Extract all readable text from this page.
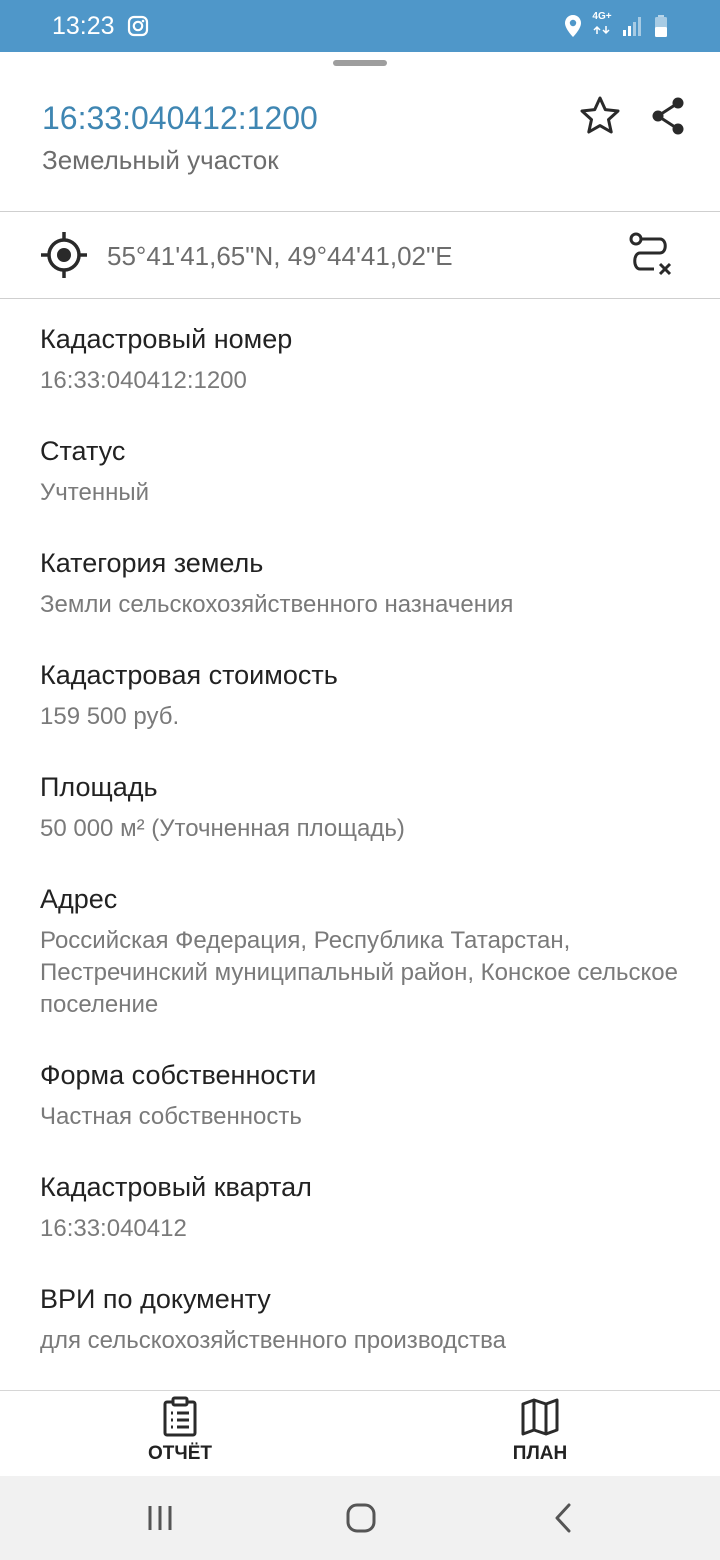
13:23	4G+
16:33:040412:1200
Земельный участок
55°41'41,65"N, 49°44'41,02"E
Кадастровый номер
16:33:040412:1200
Статус
Учтенный
Категория земель
Земли сельскохозяйственного назначения
Кадастровая стоимость
159 500 руб.
Площадь
50 000 м² (Уточненная площадь)
Адрес
Российская Федерация, Республика Татарстан, Пестречинский муниципальный район, Конское сельское поселение
Форма собственности
Частная собственность
Кадастровый квартал
16:33:040412
ВРИ по документу
для сельскохозяйственного производства
ОТЧЁТ	ПЛАН
